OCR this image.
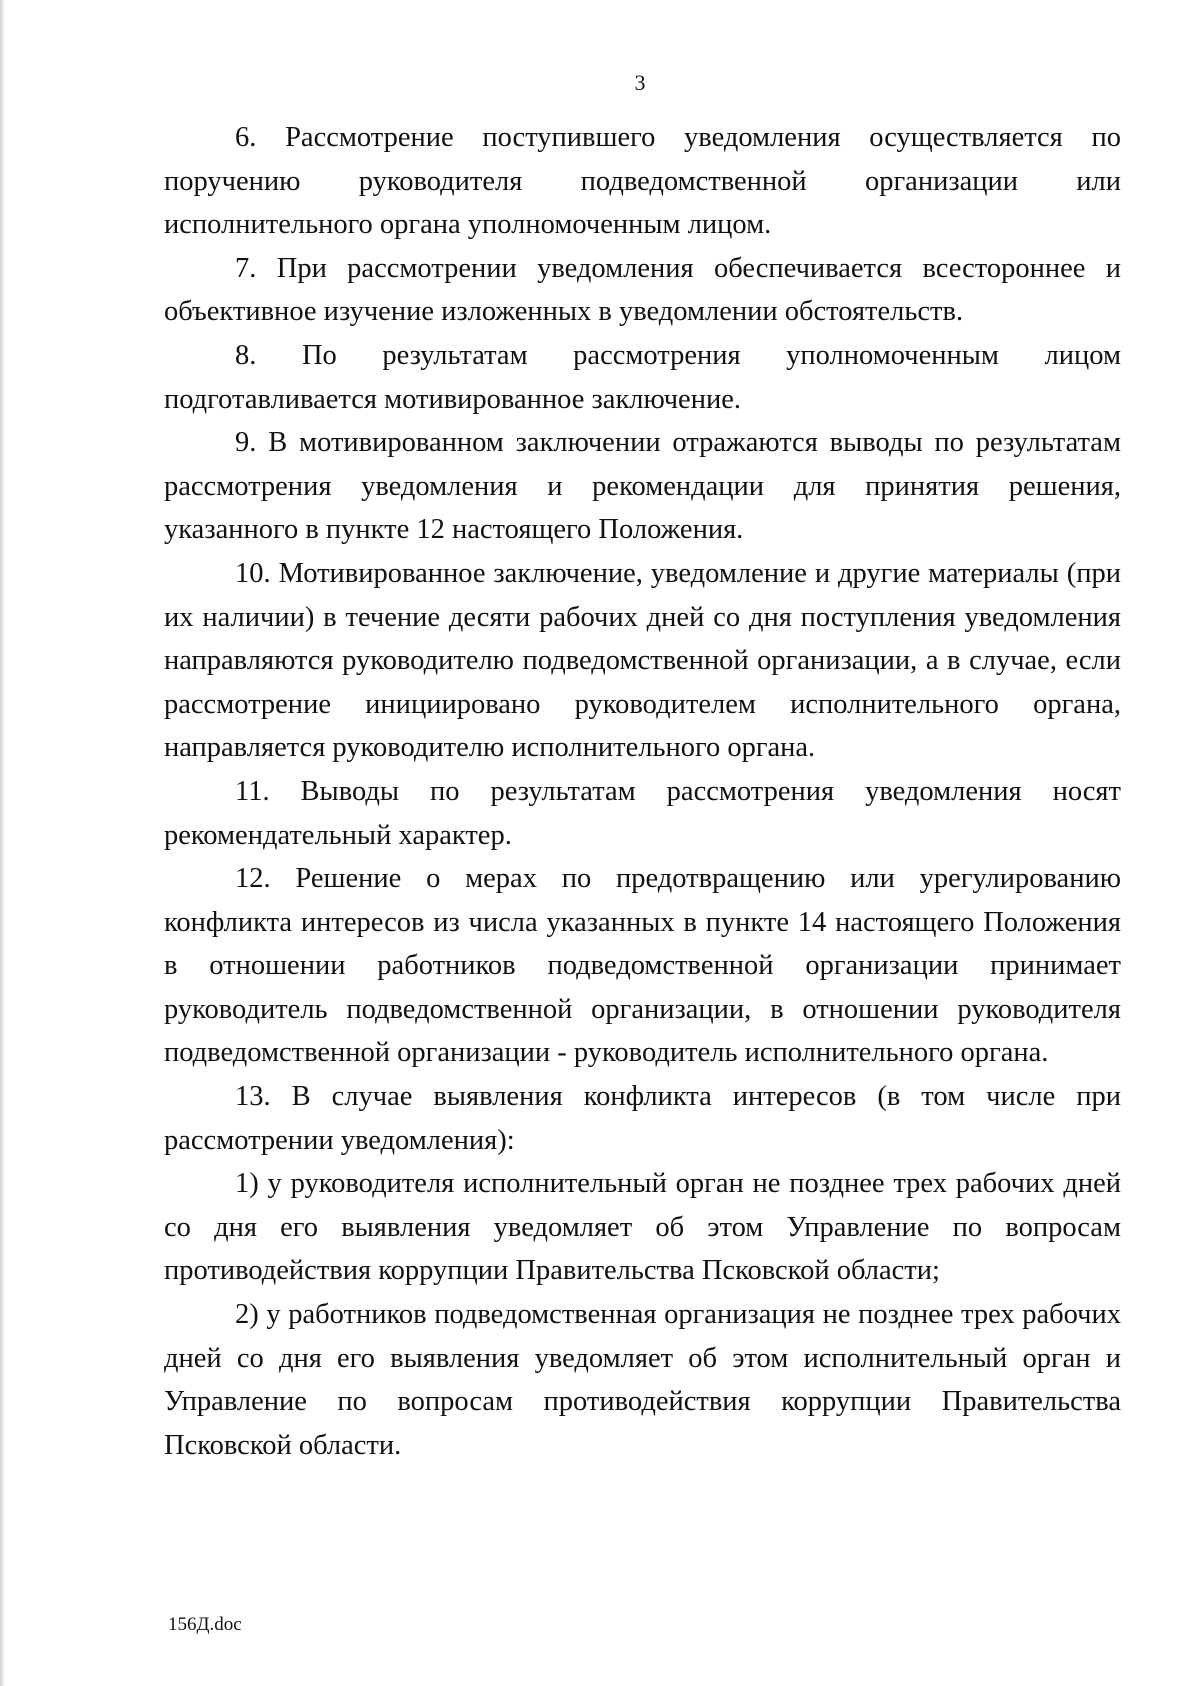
3

6. Рассмотрение поступившего уведомления осуществляется по поручению руководителя подведомственной организации или исполнительного органа уполномоченным лицом.

7. При рассмотрении уведомления обеспечивается всестороннее и объективное изучение изложенных в уведомлении обстоятельств.

8. По результатам рассмотрения уполномоченным лицом подготавливается мотивированное заключение.

9. В мотивированном заключении отражаются выводы по результатам рассмотрения уведомления и рекомендации для принятия решения, указанного в пункте 12 настоящего Положения.

10. Мотивированное заключение, уведомление и другие материалы (при их наличии) в течение десяти рабочих дней со дня поступления уведомления направляются руководителю подведомственной организации, а в случае, если рассмотрение инициировано руководителем исполнительного органа, направляется руководителю исполнительного органа.

11. Выводы по результатам рассмотрения уведомления носят рекомендательный характер.

12. Решение о мерах по предотвращению или урегулированию конфликта интересов из числа указанных в пункте 14 настоящего Положения в отношении работников подведомственной организации принимает руководитель подведомственной организации, в отношении руководителя подведомственной организации - руководитель исполнительного органа.

13. В случае выявления конфликта интересов (в том числе при рассмотрении уведомления):

1) у руководителя исполнительный орган не позднее трех рабочих дней со дня его выявления уведомляет об этом Управление по вопросам противодействия коррупции Правительства Псковской области;

2) у работников подведомственная организация не позднее трех рабочих дней со дня его выявления уведомляет об этом исполнительный орган и Управление по вопросам противодействия коррупции Правительства Псковской области.

156Д.doc
